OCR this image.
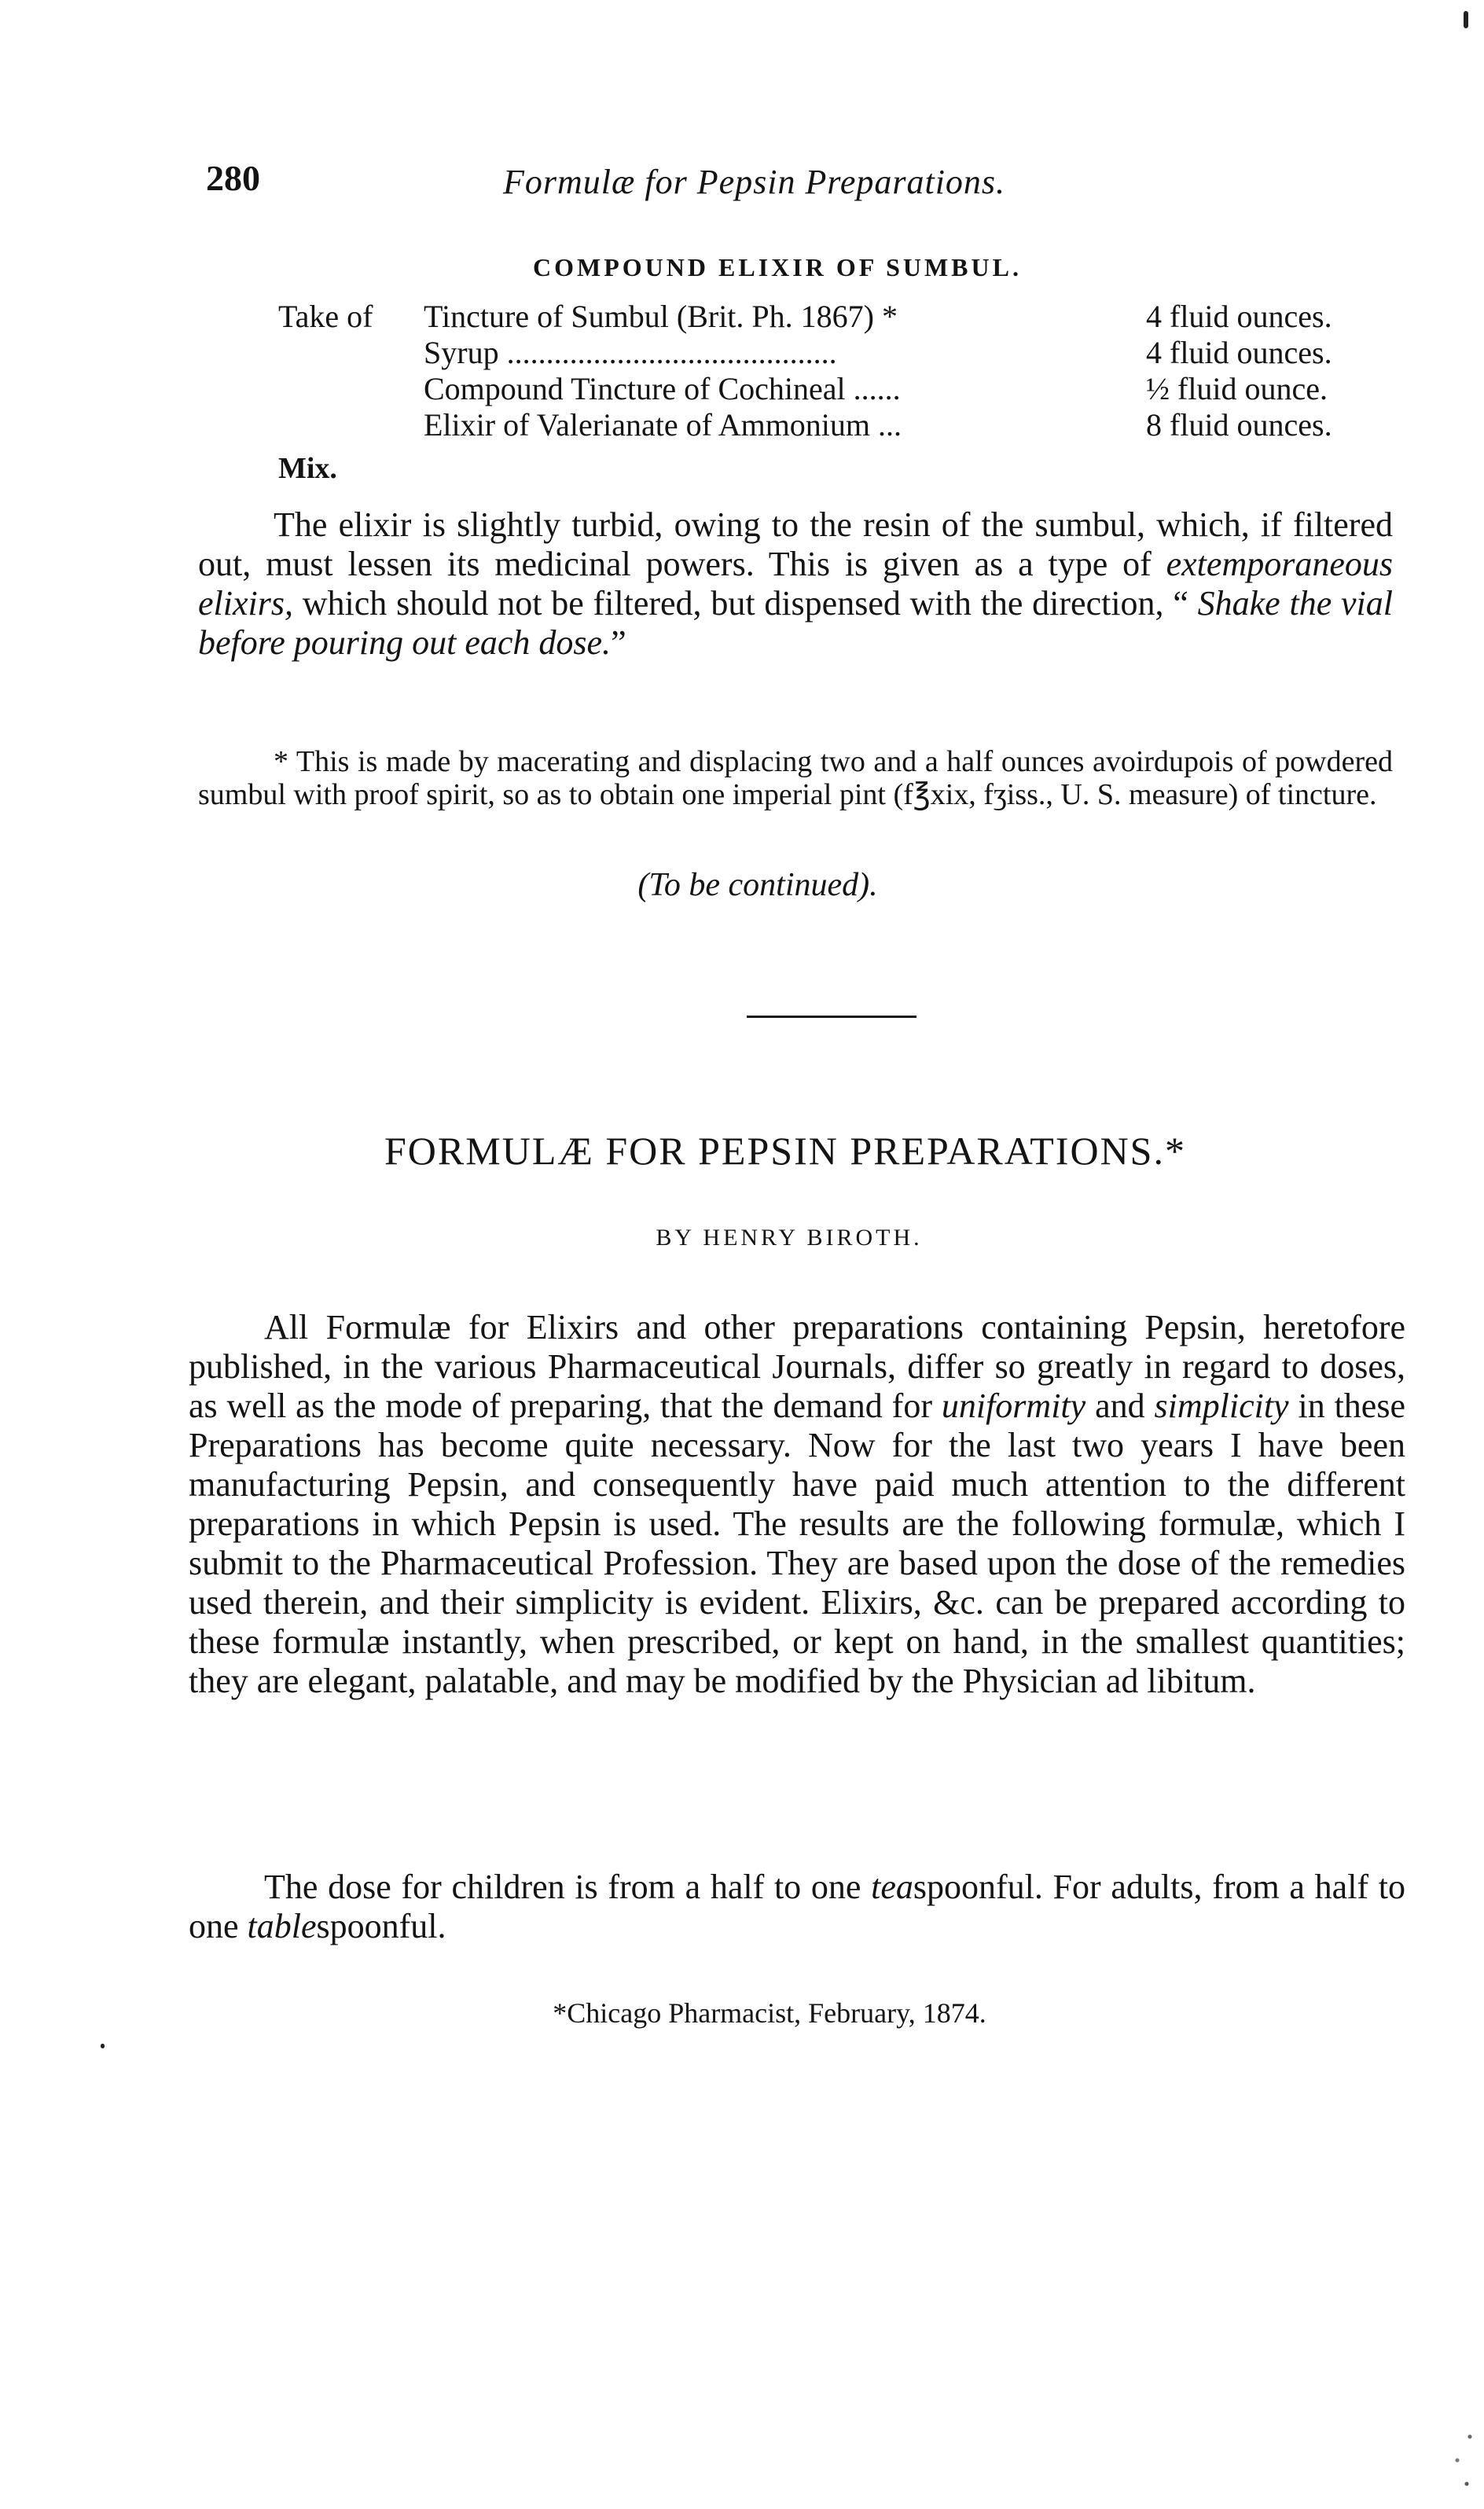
280	Formulæ for Pepsin Preparations.
COMPOUND ELIXIR OF SUMBUL.
Take of Tincture of Sumbul (Brit. Ph. 1867) *	4 fluid ounces.
Syrup ..........................................	4 fluid ounces.
Compound Tincture of Cochineal ......	½ fluid ounce.
Elixir of Valerianate of Ammonium ...	8 fluid ounces.
Mix.
The elixir is slightly turbid, owing to the resin of the sumbul, which, if filtered out, must lessen its medicinal powers. This is given as a type of extemporaneous elixirs, which should not be filtered, but dispensed with the direction, “ Shake the vial before pouring out each dose.”
* This is made by macerating and displacing two and a half ounces avoirdupois of powdered sumbul with proof spirit, so as to obtain one imperial pint (f℥xix, fʒiss., U. S. measure) of tincture.
(To be continued).
FORMULÆ FOR PEPSIN PREPARATIONS.*
BY HENRY BIROTH.
All Formulæ for Elixirs and other preparations containing Pepsin, heretofore published, in the various Pharmaceutical Journals, differ so greatly in regard to doses, as well as the mode of preparing, that the demand for uniformity and simplicity in these Preparations has become quite necessary. Now for the last two years I have been manufacturing Pepsin, and consequently have paid much attention to the different preparations in which Pepsin is used. The results are the following formulæ, which I submit to the Pharmaceutical Profession. They are based upon the dose of the remedies used therein, and their simplicity is evident. Elixirs, &c. can be prepared according to these formulæ instantly, when prescribed, or kept on hand, in the smallest quantities; they are elegant, palatable, and may be modified by the Physician ad libitum.
The dose for children is from a half to one teaspoonful. For adults, from a half to one tablespoonful.
*Chicago Pharmacist, February, 1874.
